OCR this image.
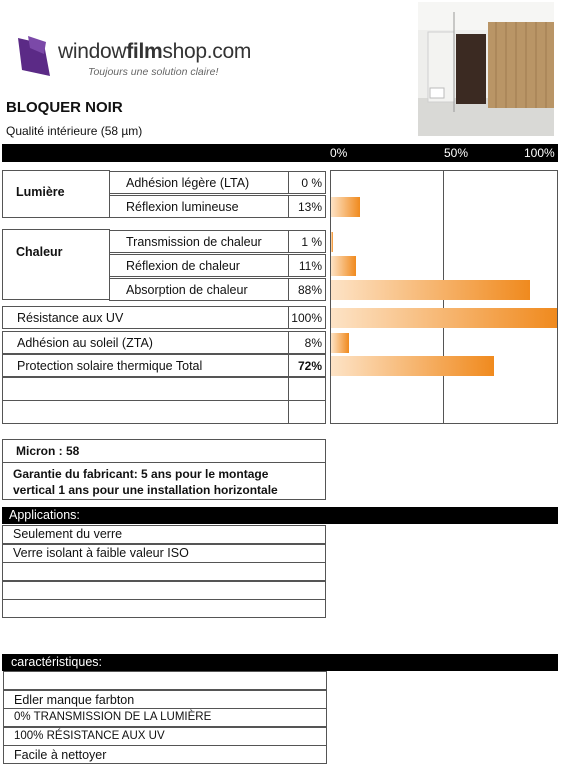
windowfilmshop.com
Toujours une solution claire!
BLOQUER NOIR
Qualité intérieure (58 µm)
0%	50%	100%
Lumière
Chaleur
Adhésion légère (LTA)	0 %
Réflexion lumineuse	13%
Transmission de chaleur	1 %
Réflexion de chaleur	11%
Absorption de chaleur	88%
Résistance aux UV	100%
Adhésion au soleil (ZTA)	8%
Protection solaire thermique Total	72%
Micron : 58
Garantie du fabricant: 5 ans pour le montage vertical 1 ans pour une installation horizontale
Applications:
Seulement du verre
Verre isolant à faible valeur ISO
caractéristiques:
Edler manque farbton
0% TRANSMISSION DE LA LUMIÈRE
100% RÉSISTANCE AUX UV
Facile à nettoyer
